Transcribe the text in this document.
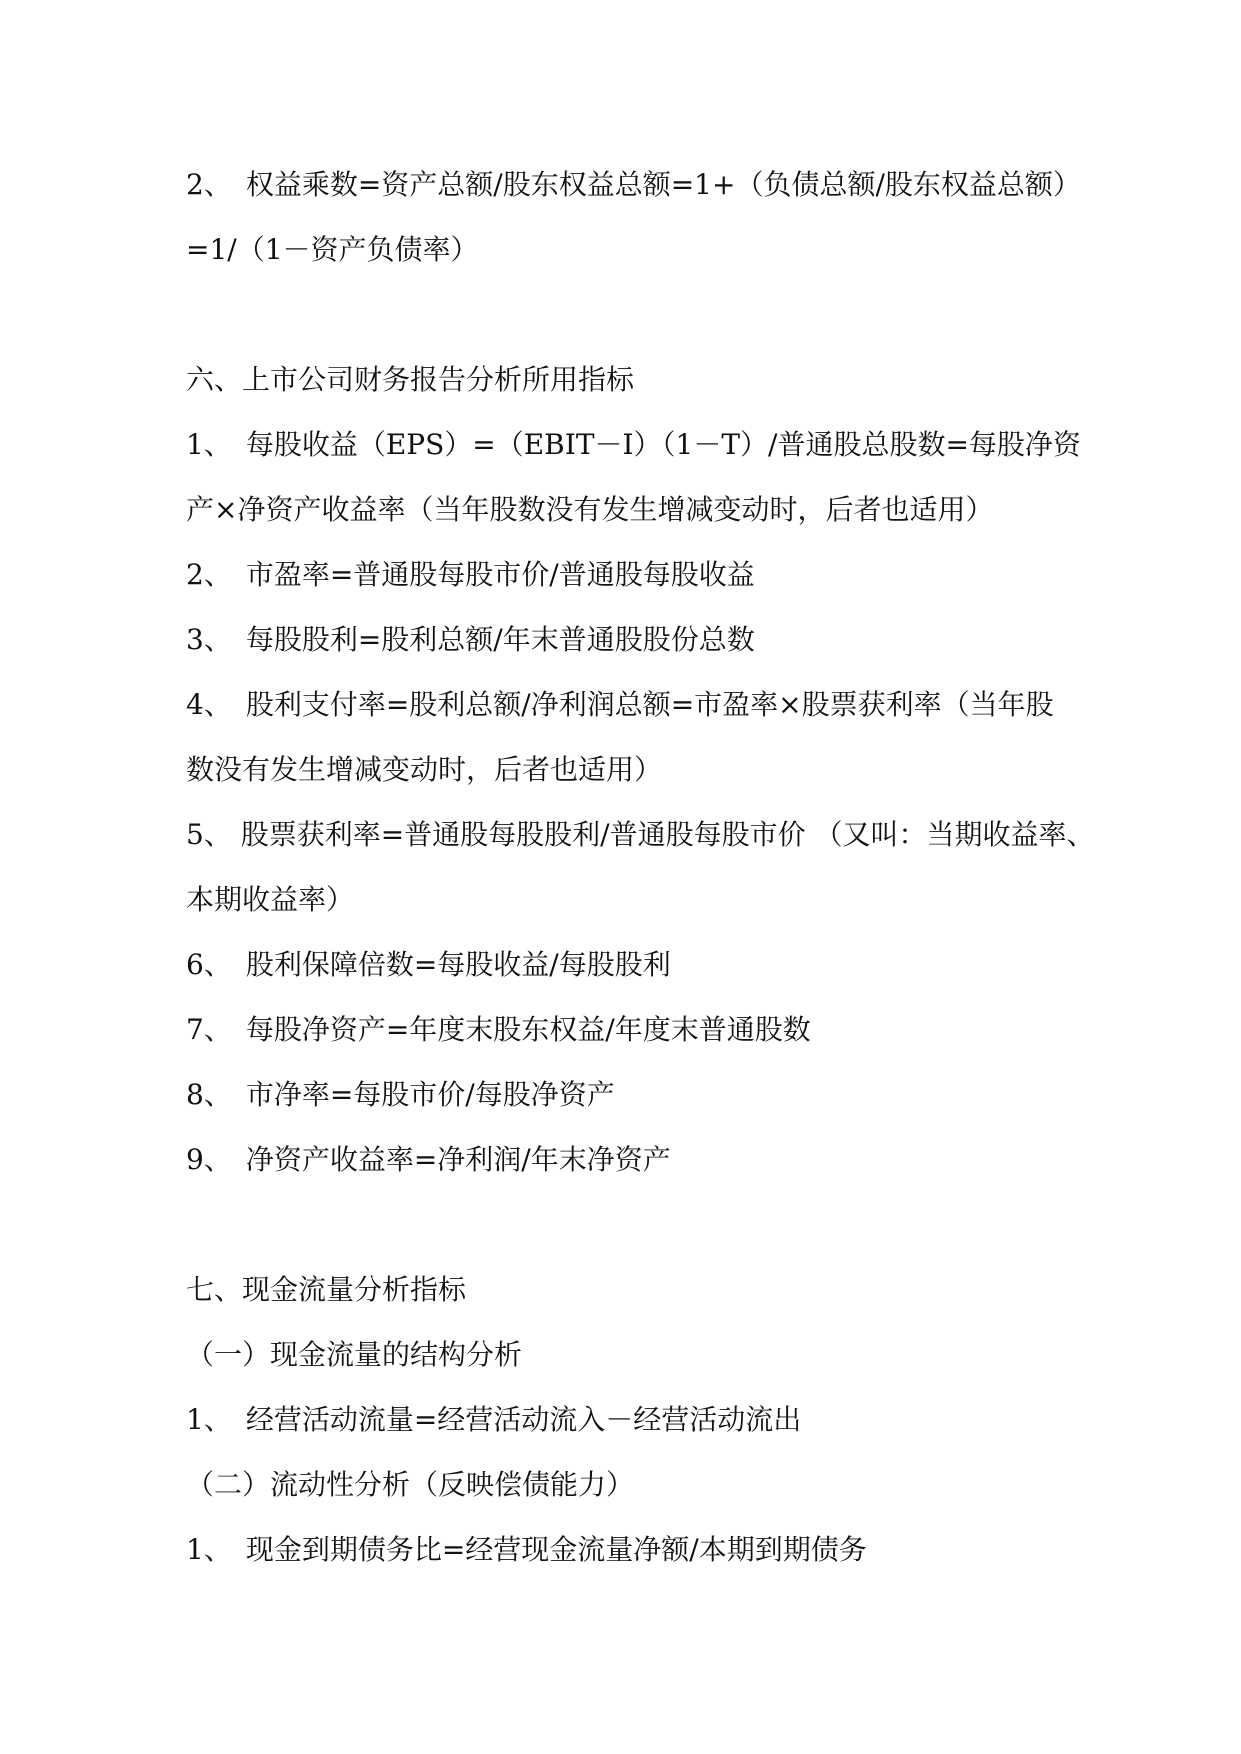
2、　权益乘数=资产总额/股东权益总额=1+（负债总额/股东权益总额）

=1/（1－资产负债率）

六、上市公司财务报告分析所用指标

1、　每股收益（EPS）=（EBIT－I）（1－T）/普通股总股数=每股净资

产×净资产收益率（当年股数没有发生增减变动时，后者也适用）

2、　市盈率=普通股每股市价/普通股每股收益

3、　每股股利=股利总额/年末普通股股份总数

4、　股利支付率=股利总额/净利润总额=市盈率×股票获利率（当年股

数没有发生增减变动时，后者也适用）

5、 股票获利率=普通股每股股利/普通股每股市价 （又叫：当期收益率、

本期收益率）

6、　股利保障倍数=每股收益/每股股利

7、　每股净资产=年度末股东权益/年度末普通股数

8、　市净率=每股市价/每股净资产

9、　净资产收益率=净利润/年末净资产

七、现金流量分析指标

（一）现金流量的结构分析

1、　经营活动流量=经营活动流入－经营活动流出

（二）流动性分析（反映偿债能力）

1、　现金到期债务比=经营现金流量净额/本期到期债务
